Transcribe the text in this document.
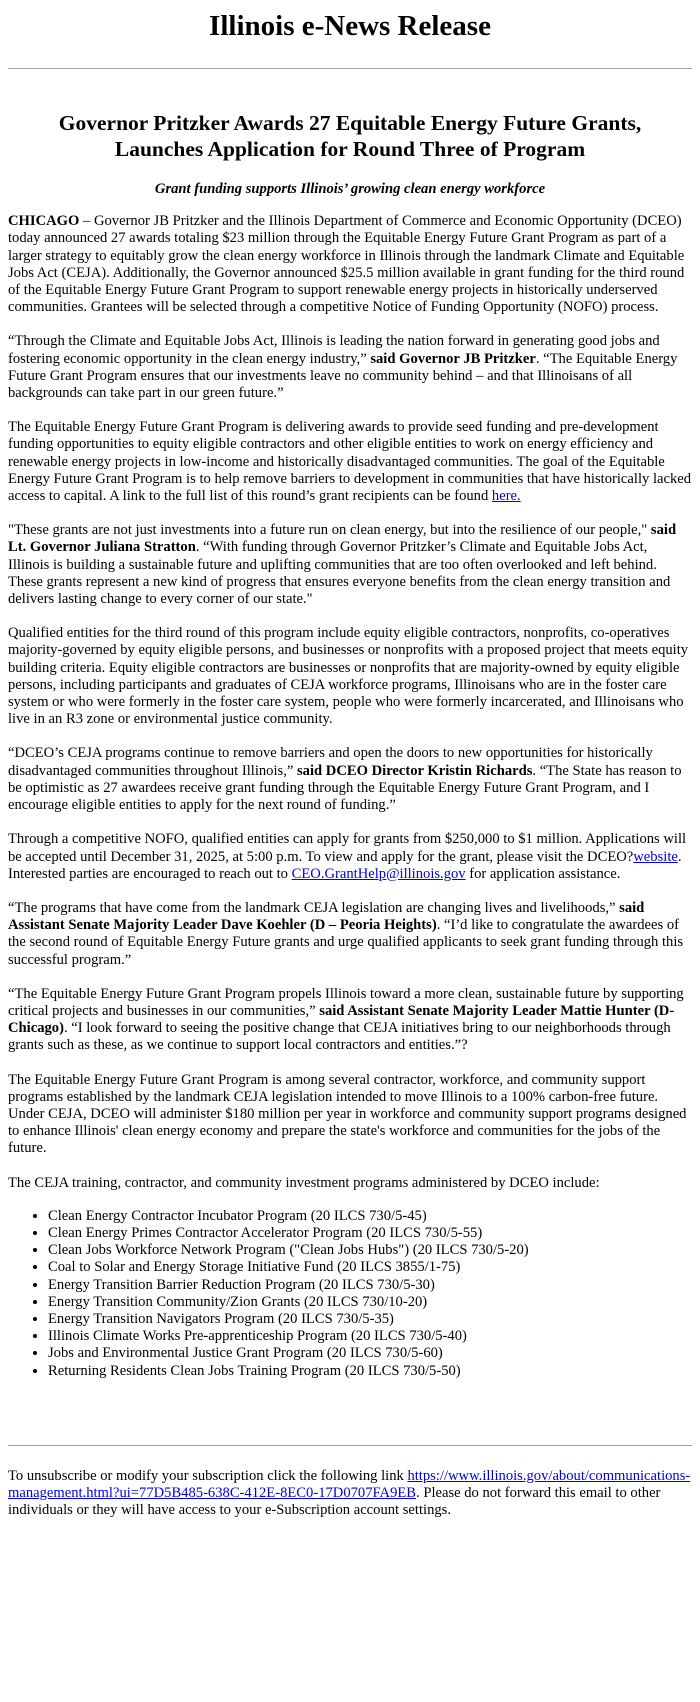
Illinois e-News Release
Governor Pritzker Awards 27 Equitable Energy Future Grants, Launches Application for Round Three of Program
Grant funding supports Illinois’ growing clean energy workforce

CHICAGO – Governor JB Pritzker and the Illinois Department of Commerce and Economic Opportunity (DCEO) today announced 27 awards totaling $23 million through the Equitable Energy Future Grant Program as part of a larger strategy to equitably grow the clean energy workforce in Illinois through the landmark Climate and Equitable Jobs Act (CEJA). Additionally, the Governor announced $25.5 million available in grant funding for the third round of the Equitable Energy Future Grant Program to support renewable energy projects in historically underserved communities. Grantees will be selected through a competitive Notice of Funding Opportunity (NOFO) process.

“Through the Climate and Equitable Jobs Act, Illinois is leading the nation forward in generating good jobs and fostering economic opportunity in the clean energy industry,” said Governor JB Pritzker. “The Equitable Energy Future Grant Program ensures that our investments leave no community behind – and that Illinoisans of all backgrounds can take part in our green future.”

The Equitable Energy Future Grant Program is delivering awards to provide seed funding and pre-development funding opportunities to equity eligible contractors and other eligible entities to work on energy efficiency and renewable energy projects in low-income and historically disadvantaged communities. The goal of the Equitable Energy Future Grant Program is to help remove barriers to development in communities that have historically lacked access to capital. A link to the full list of this round’s grant recipients can be found here.

"These grants are not just investments into a future run on clean energy, but into the resilience of our people," said Lt. Governor Juliana Stratton. “With funding through Governor Pritzker’s Climate and Equitable Jobs Act, Illinois is building a sustainable future and uplifting communities that are too often overlooked and left behind. These grants represent a new kind of progress that ensures everyone benefits from the clean energy transition and delivers lasting change to every corner of our state."

Qualified entities for the third round of this program include equity eligible contractors, nonprofits, co-operatives majority-governed by equity eligible persons, and businesses or nonprofits with a proposed project that meets equity building criteria. Equity eligible contractors are businesses or nonprofits that are majority-owned by equity eligible persons, including participants and graduates of CEJA workforce programs, Illinoisans who are in the foster care system or who were formerly in the foster care system, people who were formerly incarcerated, and Illinoisans who live in an R3 zone or environmental justice community.

“DCEO’s CEJA programs continue to remove barriers and open the doors to new opportunities for historically disadvantaged communities throughout Illinois,” said DCEO Director Kristin Richards. “The State has reason to be optimistic as 27 awardees receive grant funding through the Equitable Energy Future Grant Program, and I encourage eligible entities to apply for the next round of funding.”

Through a competitive NOFO, qualified entities can apply for grants from $250,000 to $1 million. Applications will be accepted until December 31, 2025, at 5:00 p.m. To view and apply for the grant, please visit the DCEO?website. Interested parties are encouraged to reach out to CEO.GrantHelp@illinois.gov for application assistance.

“The programs that have come from the landmark CEJA legislation are changing lives and livelihoods,” said Assistant Senate Majority Leader Dave Koehler (D – Peoria Heights). “I’d like to congratulate the awardees of the second round of Equitable Energy Future grants and urge qualified applicants to seek grant funding through this successful program.”

“The Equitable Energy Future Grant Program propels Illinois toward a more clean, sustainable future by supporting critical projects and businesses in our communities,” said Assistant Senate Majority Leader Mattie Hunter (D-Chicago). “I look forward to seeing the positive change that CEJA initiatives bring to our neighborhoods through grants such as these, as we continue to support local contractors and entities.”?

The Equitable Energy Future Grant Program is among several contractor, workforce, and community support programs established by the landmark CEJA legislation intended to move Illinois to a 100% carbon-free future. Under CEJA, DCEO will administer $180 million per year in workforce and community support programs designed to enhance Illinois' clean energy economy and prepare the state's workforce and communities for the jobs of the future.

The CEJA training, contractor, and community investment programs administered by DCEO include:

• Clean Energy Contractor Incubator Program (20 ILCS 730/5-45)
• Clean Energy Primes Contractor Accelerator Program (20 ILCS 730/5-55)
• Clean Jobs Workforce Network Program ("Clean Jobs Hubs") (20 ILCS 730/5-20)
• Coal to Solar and Energy Storage Initiative Fund (20 ILCS 3855/1-75)
• Energy Transition Barrier Reduction Program (20 ILCS 730/5-30)
• Energy Transition Community/Zion Grants (20 ILCS 730/10-20)
• Energy Transition Navigators Program (20 ILCS 730/5-35)
• Illinois Climate Works Pre-apprenticeship Program (20 ILCS 730/5-40)
• Jobs and Environmental Justice Grant Program (20 ILCS 730/5-60)
• Returning Residents Clean Jobs Training Program (20 ILCS 730/5-50)
To unsubscribe or modify your subscription click the following link https://www.illinois.gov/about/communications-management.html?ui=77D5B485-638C-412E-8EC0-17D0707FA9EB. Please do not forward this email to other individuals or they will have access to your e-Subscription account settings.
